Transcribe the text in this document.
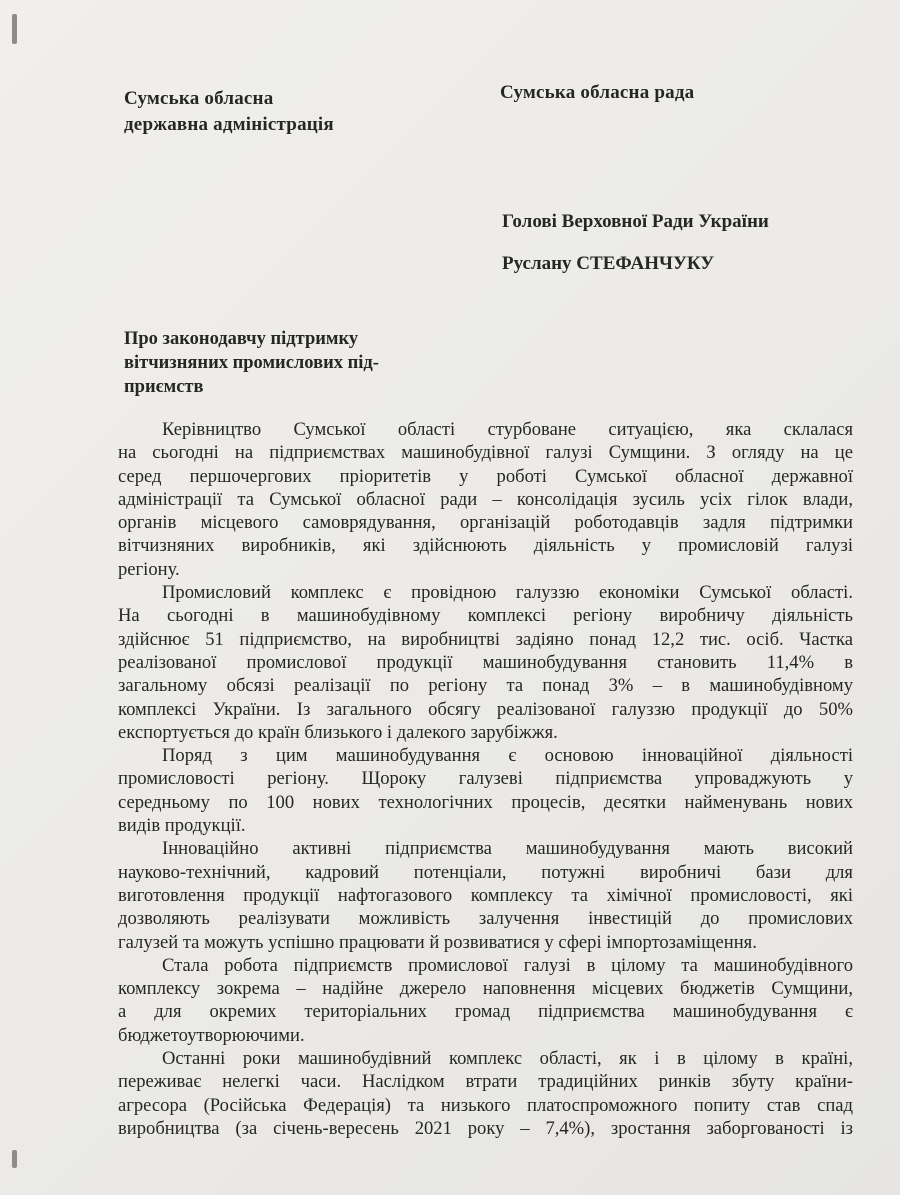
Сумська обласна
державна адміністрація
Сумська обласна рада
Голові Верховної Ради України
Руслану СТЕФАНЧУКУ
Про законодавчу підтримку
вітчизняних промислових під-
приємств
Керівництво Сумської області стурбоване ситуацією, яка склалася
на сьогодні на підприємствах машинобудівної галузі Сумщини. З огляду на це
серед першочергових пріоритетів у роботі Сумської обласної державної
адміністрації та Сумської обласної ради – консолідація зусиль усіх гілок влади,
органів місцевого самоврядування, організацій роботодавців задля підтримки
вітчизняних виробників, які здійснюють діяльність у промисловій галузі
регіону.
Промисловий комплекс є провідною галуззю економіки Сумської області.
На сьогодні в машинобудівному комплексі регіону виробничу діяльність
здійснює 51 підприємство, на виробництві задіяно понад 12,2 тис. осіб. Частка
реалізованої промислової продукції машинобудування становить 11,4% в
загальному обсязі реалізації по регіону та понад 3% – в машинобудівному
комплексі України. Із загального обсягу реалізованої галуззю продукції до 50%
експортується до країн близького і далекого зарубіжжя.
Поряд з цим машинобудування є основою інноваційної діяльності
промисловості регіону. Щороку галузеві підприємства упроваджують у
середньому по 100 нових технологічних процесів, десятки найменувань нових
видів продукції.
Інноваційно активні підприємства машинобудування мають високий
науково-технічний, кадровий потенціали, потужні виробничі бази для
виготовлення продукції нафтогазового комплексу та хімічної промисловості, які
дозволяють реалізувати можливість залучення інвестицій до промислових
галузей та можуть успішно працювати й розвиватися у сфері імпортозаміщення.
Стала робота підприємств промислової галузі в цілому та машинобудівного
комплексу зокрема – надійне джерело наповнення місцевих бюджетів Сумщини,
а для окремих територіальних громад підприємства машинобудування є
бюджетоутворюючими.
Останні роки машинобудівний комплекс області, як і в цілому в країні,
переживає нелегкі часи. Наслідком втрати традиційних ринків збуту країни-
агресора (Російська Федерація) та низького платоспроможного попиту став спад
виробництва (за січень-вересень 2021 року – 7,4%), зростання заборгованості із
